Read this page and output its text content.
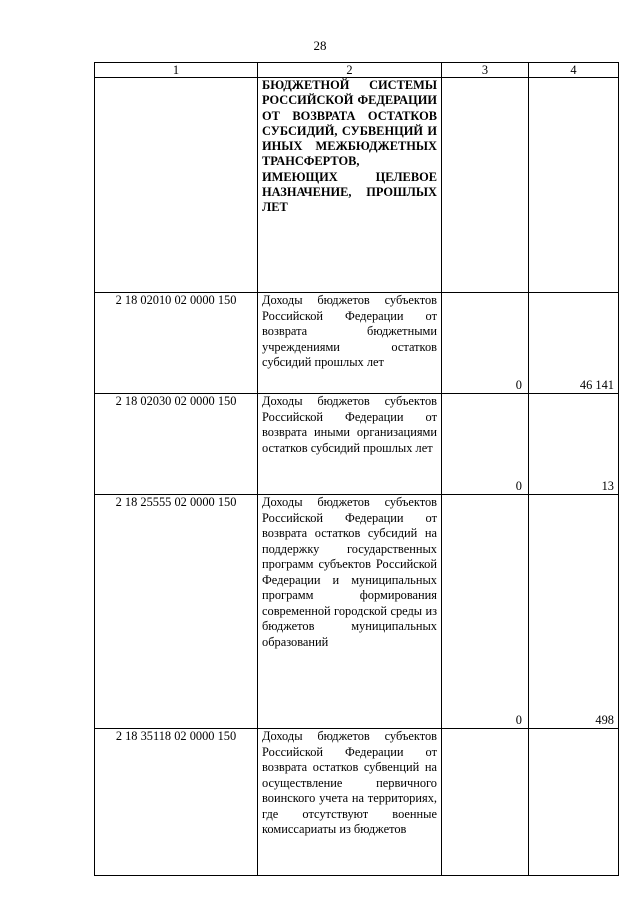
28
1	2	3	4
	БЮДЖЕТНОЙ СИСТЕМЫ РОССИЙСКОЙ ФЕДЕРАЦИИ ОТ ВОЗВРАТА ОСТАТКОВ СУБСИДИЙ, СУБВЕНЦИЙ И ИНЫХ МЕЖБЮДЖЕТНЫХ ТРАНСФЕРТОВ, ИМЕЮЩИХ ЦЕЛЕВОЕ НАЗНАЧЕНИЕ, ПРОШЛЫХ ЛЕТ		
2 18 02010 02 0000 150	Доходы бюджетов субъектов Российской Федерации от возврата бюджетными учреждениями остатков субсидий прошлых лет	0	46 141
2 18 02030 02 0000 150	Доходы бюджетов субъектов Российской Федерации от возврата иными организациями остатков субсидий прошлых лет	0	13
2 18 25555 02 0000 150	Доходы бюджетов субъектов Российской Федерации от возврата остатков субсидий на поддержку государственных программ субъектов Российской Федерации и муниципальных программ формирования современной городской среды из бюджетов муниципальных образований	0	498
2 18 35118 02 0000 150	Доходы бюджетов субъектов Российской Федерации от возврата остатков субвенций на осуществление первичного воинского учета на территориях, где отсутствуют военные комиссариаты из бюджетов		
